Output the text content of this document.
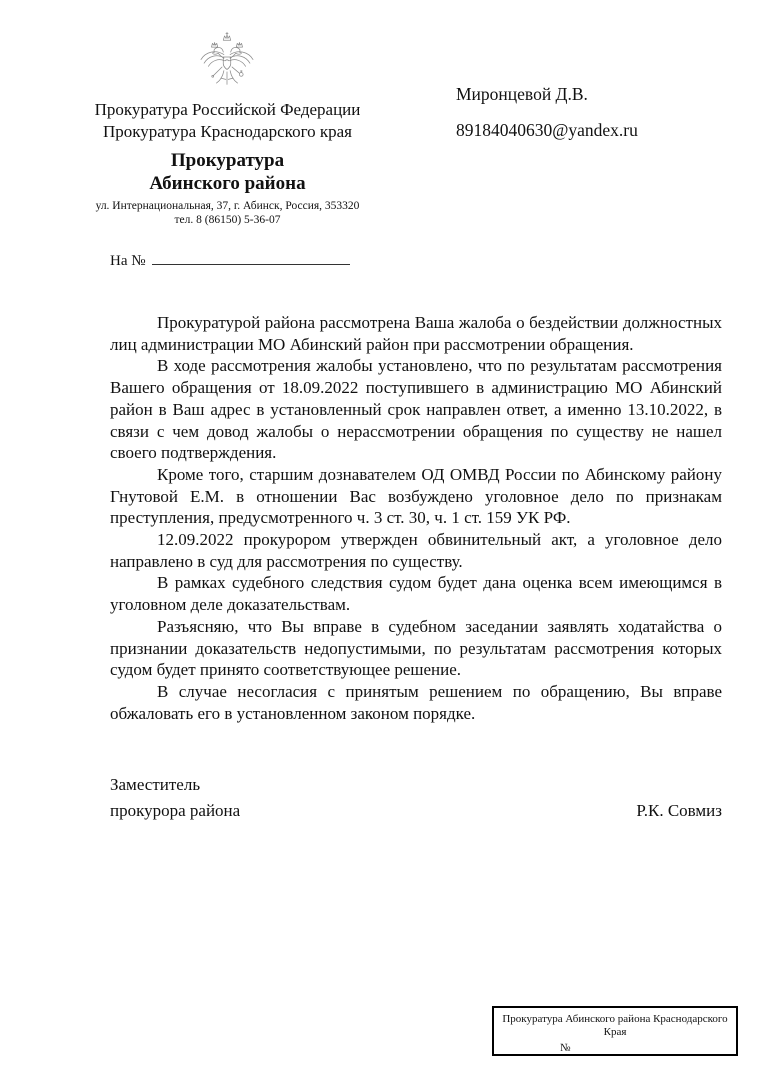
Прокуратура Российской Федерации
Прокуратура Краснодарского края
Прокуратура
Абинского района
ул. Интернациональная, 37, г. Абинск, Россия, 353320
тел. 8 (86150) 5-36-07
Миронцевой Д.В.
89184040630@yandex.ru
На №

Прокуратурой района рассмотрена Ваша жалоба о бездействии должностных лиц администрации МО Абинский район при рассмотрении обращения.

В ходе рассмотрения жалобы установлено, что по результатам рассмотрения Вашего обращения от 18.09.2022 поступившего в администрацию МО Абинский район в Ваш адрес в установленный срок направлен ответ, а именно 13.10.2022, в связи с чем довод жалобы о нерассмотрении обращения по существу не нашел своего подтверждения.

Кроме того, старшим дознавателем ОД ОМВД России по Абинскому району Гнутовой Е.М. в отношении Вас возбуждено уголовное дело по признакам преступления, предусмотренного ч. 3 ст. 30, ч. 1 ст. 159 УК РФ.

12.09.2022 прокурором утвержден обвинительный акт, а уголовное дело направлено в суд для рассмотрения по существу.

В рамках судебного следствия судом будет дана оценка всем имеющимся в уголовном деле доказательствам.

Разъясняю, что Вы вправе в судебном заседании заявлять ходатайства о признании доказательств недопустимыми, по результатам рассмотрения которых судом будет принято соответствующее решение.

В случае несогласия с принятым решением по обращению, Вы вправе обжаловать его в установленном законом порядке.

Заместитель
прокурора района	Р.К. Совмиз
Прокуратура Абинского района Краснодарского
Края
№
